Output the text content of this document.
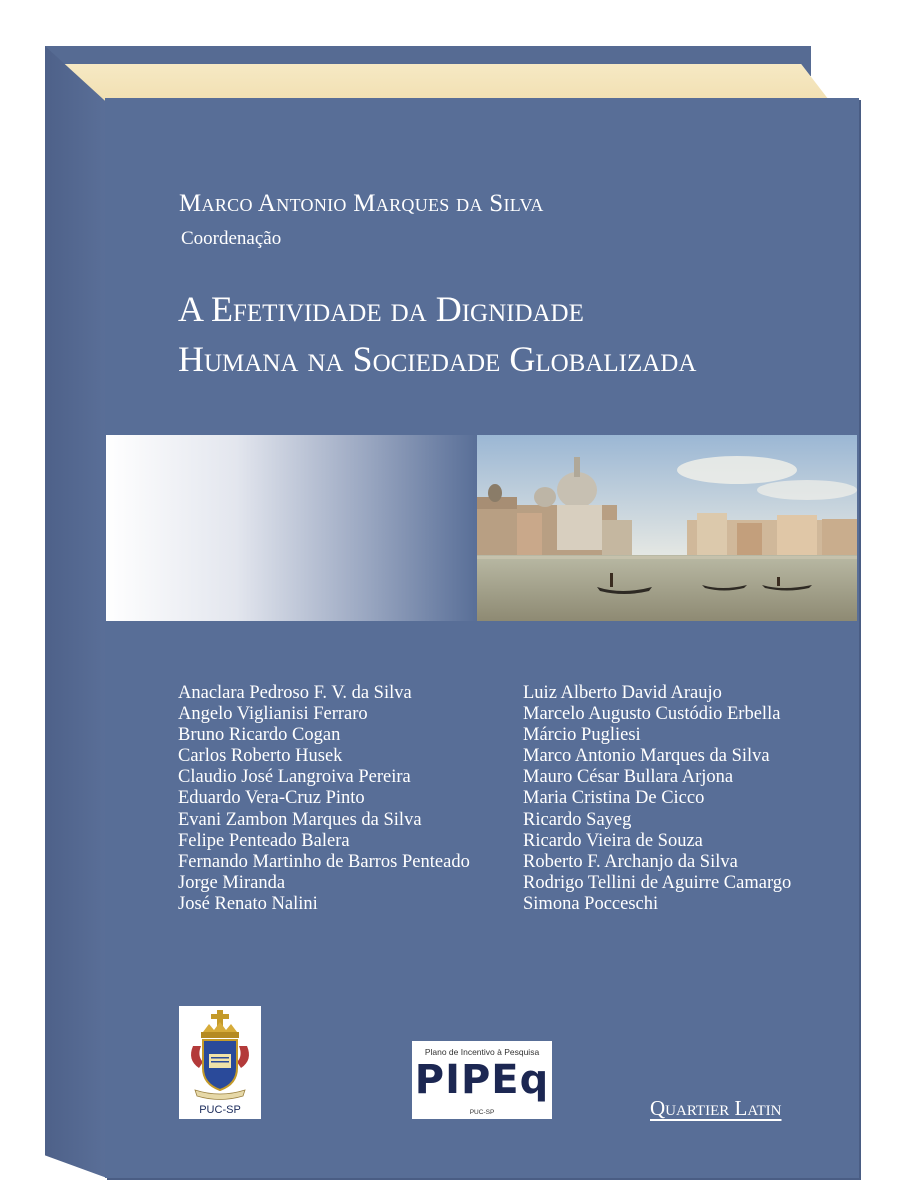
Marco Antonio Marques da Silva
Coordenação
A Efetividade da Dignidade
Humana na Sociedade Globalizada
Anaclara Pedroso F. V. da Silva
Angelo Viglianisi Ferraro
Bruno Ricardo Cogan
Carlos Roberto Husek
Claudio José Langroiva Pereira
Eduardo Vera-Cruz Pinto
Evani Zambon Marques da Silva
Felipe Penteado Balera
Fernando Martinho de Barros Penteado
Jorge Miranda
José Renato Nalini
Luiz Alberto David Araujo
Marcelo Augusto Custódio Erbella
Márcio Pugliesi
Marco Antonio Marques da Silva
Mauro César Bullara Arjona
Maria Cristina De Cicco
Ricardo Sayeg
Ricardo Vieira de Souza
Roberto F. Archanjo da Silva
Rodrigo Tellini de Aguirre Camargo
Simona Pocceschi
PUC-SP
Plano de Incentivo à Pesquisa
PIPEq
PUC-SP	Quartier Latin
